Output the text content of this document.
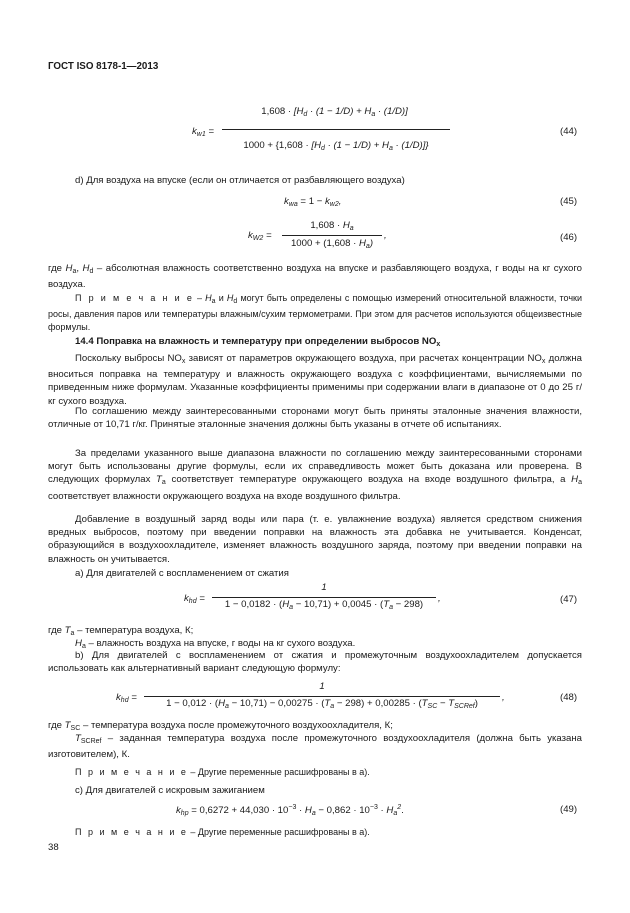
ГОСТ ISO 8178-1—2013
$k_{w1}$ =
$1,608 \cdot [H_d \cdot (1 - 1/D) + H_a \cdot (1/D)]$
$1000 + \{1,608 \cdot [H_d \cdot (1 - 1/D) + H_a \cdot (1/D)]\}$
(44)
d) Для воздуха на впуске (если он отличается от разбавляющего воздуха)
$k_{wa} = 1 - k_{w2}$,	(45)
$k_{W2}$ =
$1,608 \cdot H_a$
$1000 + (1,608 \cdot H_a)$
,	(46)
где $H_a$, $H_d$ – абсолютная влажность соответственно воздуха на впуске и разбавляющего воздуха, г воды на кг сухого воздуха.
П р и м е ч а н и е – $H_a$ и $H_d$ могут быть определены с помощью измерений относительной влажности, точки росы, давления паров или температуры влажным/сухим термометрами. При этом для расчетов используются общеизвестные формулы.
14.4 Поправка на влажность и температуру при определении выбросов $NO_x$
Поскольку выбросы $NO_x$ зависят от параметров окружающего воздуха, при расчетах концентрации $NO_x$ должна вноситься поправка на температуру и влажность окружающего воздуха с коэффициентами, вычисляемыми по приведенным ниже формулам. Указанные коэффициенты применимы при содержании влаги в диапазоне от 0 до 25 г/кг сухого воздуха.
По соглашению между заинтересованными сторонами могут быть приняты эталонные значения влажности, отличные от 10,71 г/кг. Принятые эталонные значения должны быть указаны в отчете об испытаниях.
За пределами указанного выше диапазона влажности по соглашению между заинтересованными сторонами могут быть использованы другие формулы, если их справедливость может быть доказана или проверена. В следующих формулах $T_a$ соответствует температуре окружающего воздуха на входе воздушного фильтра, а $H_a$ соответствует влажности окружающего воздуха на входе воздушного фильтра.
Добавление в воздушный заряд воды или пара (т. е. увлажнение воздуха) является средством снижения вредных выбросов, поэтому при введении поправки на влажность эта добавка не учитывается. Конденсат, образующийся в воздухоохладителе, изменяет влажность воздушного заряда, поэтому при введении поправки на влажность он учитывается.
а) Для двигателей с воспламенением от сжатия
$k_{hd}$ =
1
$1 - 0,0182 \cdot (H_a - 10,71) + 0,0045 \cdot (T_a - 298)$
,	(47)
где $T_a$ – температура воздуха, К;
$H_a$ – влажность воздуха на впуске, г воды на кг сухого воздуха.
b) Для двигателей с воспламенением от сжатия и промежуточным воздухоохладителем допускается использовать как альтернативный вариант следующую формулу:
$k_{hd}$ =
1
$1 - 0,012 \cdot (H_a - 10,71) - 0,00275 \cdot (T_a - 298) + 0,00285 \cdot (T_{SC} - T_{SCRef})$
,	(48)
где $T_{SC}$ – температура воздуха после промежуточного воздухоохладителя, К;
$T_{SCRef}$ – заданная температура воздуха после промежуточного воздухоохладителя (должна быть указана изготовителем), К.
П р и м е ч а н и е – Другие переменные расшифрованы в а).
с) Для двигателей с искровым зажиганием
$k_{hp} = 0,6272 + 44,030 \cdot 10^{-3} \cdot H_a - 0,862 \cdot 10^{-3} \cdot H_a^2$.	(49)
П р и м е ч а н и е – Другие переменные расшифрованы в а).
38
